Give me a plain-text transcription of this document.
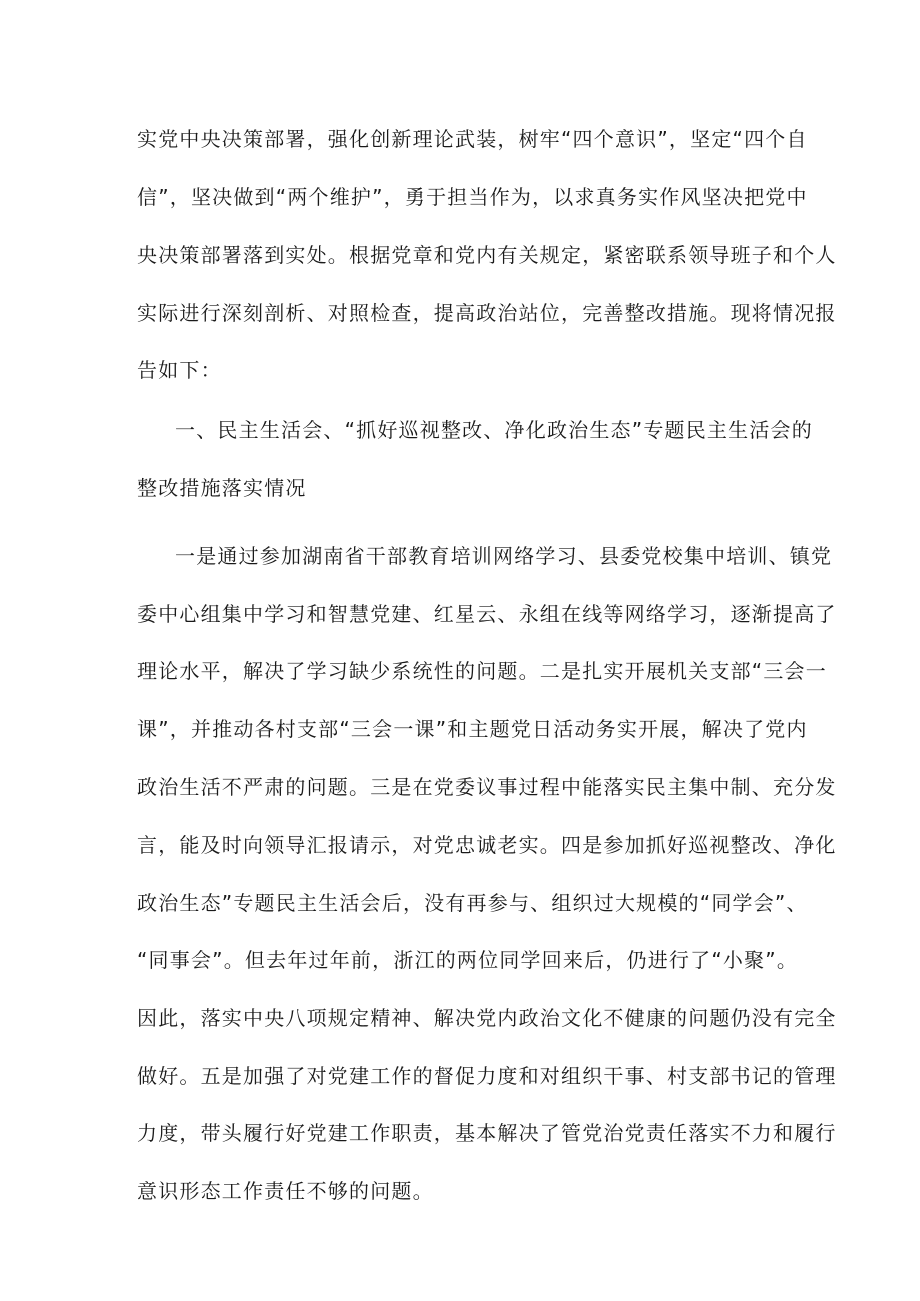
实党中央决策部署，强化创新理论武装，树牢“四个意识”，坚定“四个自
信”，坚决做到“两个维护”，勇于担当作为，以求真务实作风坚决把党中
央决策部署落到实处。根据党章和党内有关规定，紧密联系领导班子和个人
实际进行深刻剖析、对照检查，提高政治站位，完善整改措施。现将情况报
告如下：
一、民主生活会、“抓好巡视整改、净化政治生态”专题民主生活会的
整改措施落实情况
一是通过参加湖南省干部教育培训网络学习、县委党校集中培训、镇党
委中心组集中学习和智慧党建、红星云、永组在线等网络学习，逐渐提高了
理论水平，解决了学习缺少系统性的问题。二是扎实开展机关支部“三会一
课”，并推动各村支部“三会一课”和主题党日活动务实开展，解决了党内
政治生活不严肃的问题。三是在党委议事过程中能落实民主集中制、充分发
言，能及时向领导汇报请示，对党忠诚老实。四是参加抓好巡视整改、净化
政治生态”专题民主生活会后，没有再参与、组织过大规模的“同学会”、
“同事会”。但去年过年前，浙江的两位同学回来后，仍进行了“小聚”。
因此，落实中央八项规定精神、解决党内政治文化不健康的问题仍没有完全
做好。五是加强了对党建工作的督促力度和对组织干事、村支部书记的管理
力度，带头履行好党建工作职责，基本解决了管党治党责任落实不力和履行
意识形态工作责任不够的问题。
